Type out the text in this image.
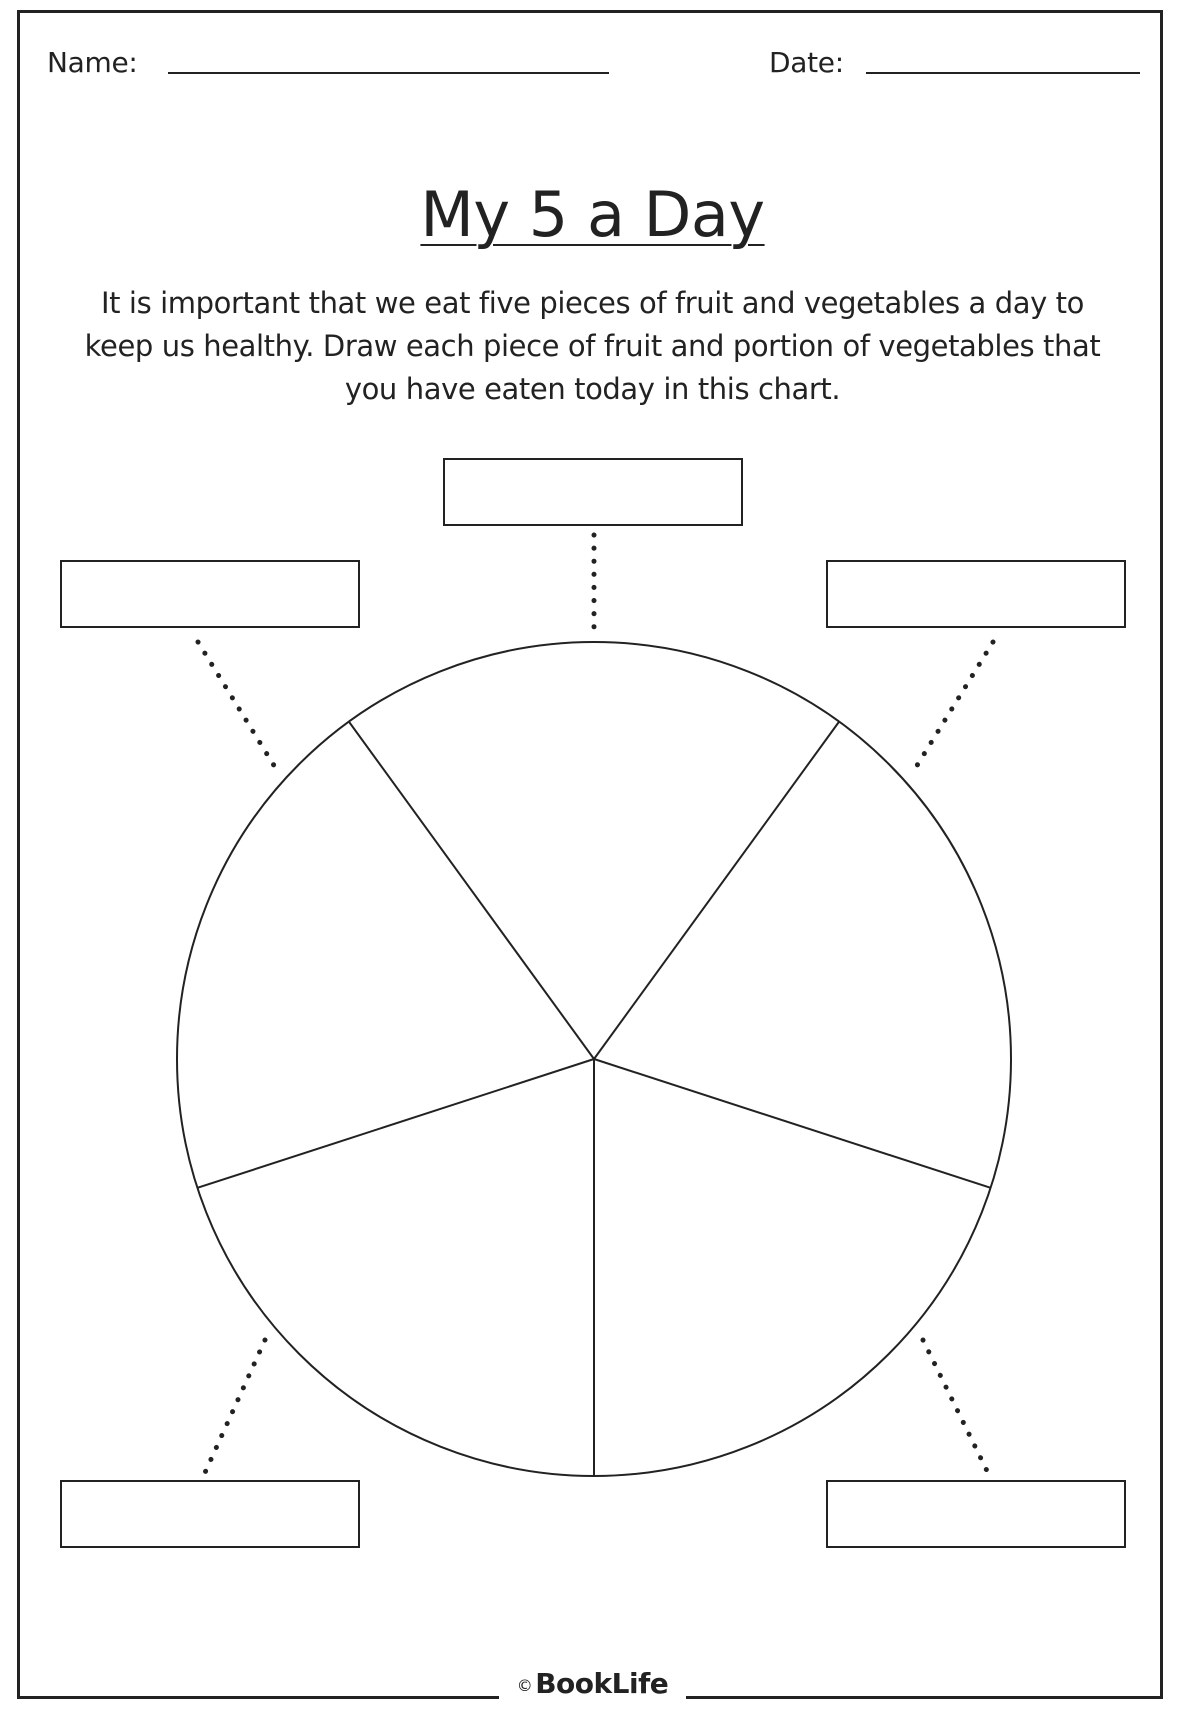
Name:	Date:
My 5 a Day

It is important that we eat five pieces of fruit and vegetables a day to keep us healthy. Draw each piece of fruit and portion of vegetables that you have eaten today in this chart.

© BookLife
